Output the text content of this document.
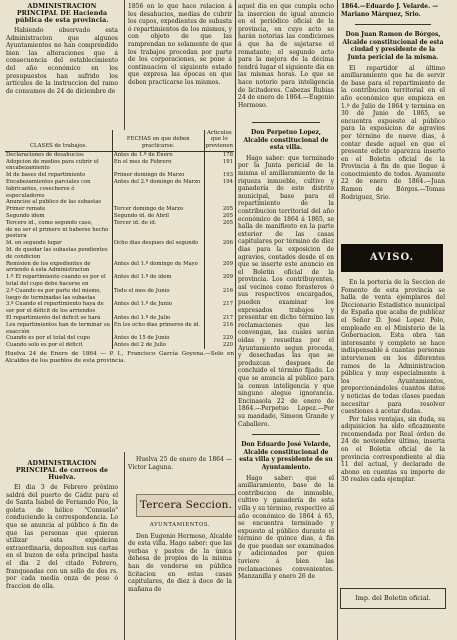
ADMINISTRACION PRINCIPAL DE Hacienda pública de esta provincia.

Habiendo observado esta Administracion que algunos Ayuntamientos no han comprendido bien las alteraciones que á consecuencia del establecimiento del año económico en los presupuestos han sufrido los artículos de la instruccion del ramo de consumos de 24 de diciembre de

1856 en lo que hace relacion á los desahucios, medias de cubrir los cupos, expedientes de subasta ó repartimientos de los mismos, y con objeto de que las ramprendan no solamente de que los trabajos procedan por parte de los corporaciones, se pone á continuacion el siguiente estado que expresa las épocas en que deben practicarse los mismos.

CLASES de trabajos.	FECHAS en que deben practicarse.	Artículos que lo previenen
Declaraciones de desahucios	Antes de 1.º de Enero	178
Adopcion de medios para cubrir el encabezamiento	En el mes de Febrero	191
Id de bases del repartimiento	Primer domingo de Marzo	193
Encabezamientos parciales con fabricantes, cosecheros ó especuladores	Antes del 2.º domingo de Marzo	194
Anuncios al público de las subastas		
Primer remate	Tercer domingo de Marzo	205
Segundo idem	Segundo id. de Abril	205
Tercero id., como segundo caso,	Tercer id. de id.	205
de no ser el primero ni haberse hecho postura		
Id. en segundo lugar	Ocho dias despues del segundo	206
Id. de quedar las subastas pendientes de condicion		
Remision de los expedientes de arriendo á esta Administracion	Antes del 1.º domingo de Mayo	209
1.º El repartimiento cuando es por el total del cupo debe hacerse en	Antes del 1.º de idem	209
2.º Cuando es por parte del mismo, luego de terminadas las subastas	Todo el mes de Junio	216
3.º Cuando el repartimiento haya de ser por el déficit de los arriendos	Antes del 1.º de Junio	217
El repartimiento del déficit se hará	Antes del 1.º de Julio	217
Los repartimientos han de terminar su exacción	En los ocho dias primeros de id.	216
Cuando es por el total del cupo	Antes de 15 de Junio	220
Cuando solo es por el déficit	Antes del 2 de Julio	220

Huelva 24 de Enero de 1864 — P. I., Francisco García Goyena.—Solo en Alcaldes de los pueblos de esta provincia.

ADMINISTRACION PRINCIPAL de correos de Huelva.

El dia 3 de Febrero próximo saldrá del puerto de Cádiz para el de Santa Isabel de Fernando Póo, la goleta de hélice "Consuelo" conduciendo la correspondencia. Lo que se anuncia al público á fin de que las personas que quieran utilizar esta expedicion extraordinaria, depositen sus cartas en el buzon de esta principal hasta el dia 2 del citado Febrero, franqueadas con un sello de dos rs. por cada media onza de peso ó fraccion de ella.

Huelva 25 de enero de 1864 —Víctor Laguna.

Tercera Seccion.

AYUNTAMIENTOS.

Don Eugenio Hermoso, Alcalde de esta villa. Hago saber: que las yerbas y pastos de la única dehesa de propios de la misma han de venderse en pública licitacion en estas casas capitulares, de diez á doce de la mañana de

aquel dia en que cumpla ocho la insercion de igual anuncio en el periódico oficial de la provincia, en cuyo acto se harán notorias las condiciones á que ha de sujetarse el rematante; el segundo acto para la mejora de la décima tendrá lugar el siguiente dia en las mismas horas. Lo que se hace notorio para inteligencia de licitadores. Cabezas Rubias 24 de enero de 1864.—Eugenio Hermoso.

Don Perpetuo Lopez, Alcalde constitucional de esta villa.

Hago saber: que terminado por la Junta pericial de la misma el amillaramiento de la riqueza inmueble, cultivo y ganadería de este distrito municipal, base para el repartimiento de la contribucion territorial del año económico de 1864 á 1865, se halla de manifiesto en la parte exterior de las casas capitulares por término de diez dias para la exposicion de agravios, contados desde el en que se inserte este anuncio en el Boletin oficial de la provincia. Los contribuyentes, así vecinos como forasteros ó sus respectivos encargados, pueden examinar los expresados trabajos y presentar en dicho término las reclamaciones que les convengan, las cuales serán oidas y resueltas por el Ayuntamiento segun proceda, y desechadas las que se produzcan despues de concluido el término fijado. Lo que se anuncia al público para la comun inteligencia y que ninguno alegue ignorancia. Encinasola 22 de enero de 1864.—Perpetuo Lopez.—Por su mandado, Simeon Grande y Caballero.

Don Eduardo José Velarde, Alcalde constitucional de esta villa y presidente de su Ayuntamiento.

Hago saber: que el amillaramiento, base de la contribucion de inmueble, cultivo y ganadería de esta villa y su término, respectivo al año económico de 1864 á 65, se encuentra terminado y expuesto al público durante el término de quince dias, á fin de que puedan ser examinados y adicionados por quien tuviere á bien las reclamaciones convenientes. Manzanilla y enero 26 de

1864.—Eduardo J. Velarde. —Mariano Márquez, Srio.

Don Juan Ramon de Bórgos, Alcalde constitucional de esta ciudad y presidente de la Junta pericial de la misma.

El repartidor al último amillaramiento que ha de servir de base para el repartimiento de la contribucion territorial en el año económico que empieza en 1.º de Julio de 1864 y termina en 30 de Junio de 1865, se encuentra expuesto al público para la exposicion de agravios por término de nueve dias, á contar desde aquel en que el presente edicto aparezca inserto en el Boletin oficial de la Provincia á fin de que llegue á conocimiento de todos. Ayamonte 22 de enero de 1864.—Juan Ramon de Bórgos.—Tomas Rodriguez, Srio.

AVISO.

En la portería de la Seccion de Fomento de esta provincia se halla de venta ejemplares del Diccionario Estadístico municipal de España que acaba de publicar el Señor D. José Lopez Polo, empleado en el Ministerio de la Gobernacion. Esta obra tan interesante y completo se hace indispensable á cuantas personas intervienen en los diferentes ramos de la Administracion pública y muy especialmente á los Ayuntamientos, proporcionándoles cuantos datos y noticias de todas clases puedan necesitar para resolver cuestiones á acotar dudas.

Por tales ventajas, sin duda, su adquisicion ha sido eficazmente recomendada por Real órden de 24 de noviembre último, inserta en el Boletin oficial de la provincia correspondiente al dia 11 del actual, y declarado de abono en cuentas su importe de 30 reales cada ejemplar.

Imp. del Boletin oficial.
